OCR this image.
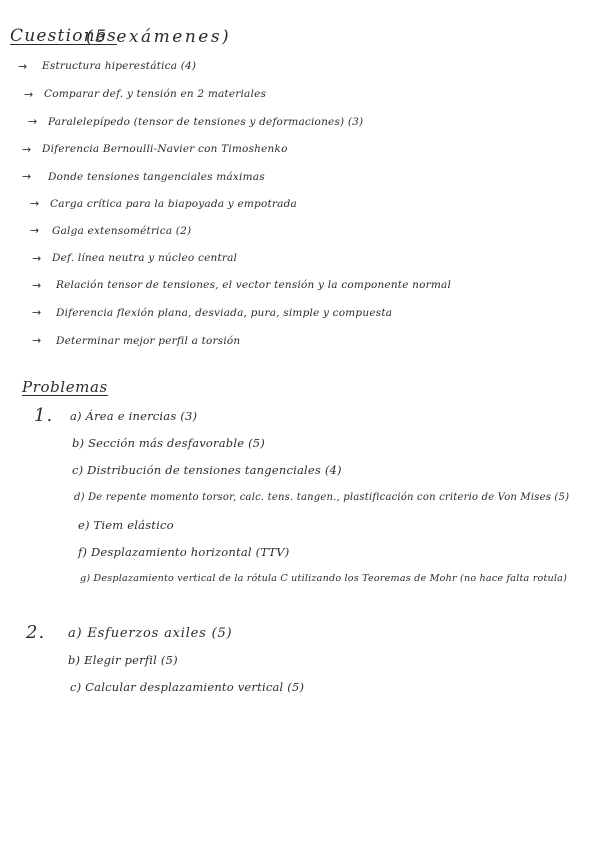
Cuestiones
(5 exámenes)
→ Estructura hiperestática (4)
→ Comparar def. y tensión en 2 materiales
→ Paralelepípedo (tensor de tensiones y deformaciones) (3)
→ Diferencia Bernoulli-Navier con Timoshenko
→ Donde tensiones tangenciales máximas
→ Carga crítica para la biapoyada y empotrada
→ Galga extensométrica (2)
→ Def. línea neutra y núcleo central
→ Relación tensor de tensiones, el vector tensión y la componente normal
→ Diferencia flexión plana, desviada, pura, simple y compuesta
→ Determinar mejor perfil a torsión
Problemas
1. a) Área e inercias (3)
b) Sección más desfavorable (5)
c) Distribución de tensiones tangenciales (4)
d) De repente momento torsor, calc. tens. tangen., plastificación con criterio de Von Mises (5)
e) Tiem elástico
f) Desplazamiento horizontal (TTV)
g) Desplazamiento vertical de la rótula C utilizando los Teoremas de Mohr (no hace falta rotula)
2. a) Esfuerzos axiles (5)
b) Elegir perfil (5)
c) Calcular desplazamiento vertical (5)
